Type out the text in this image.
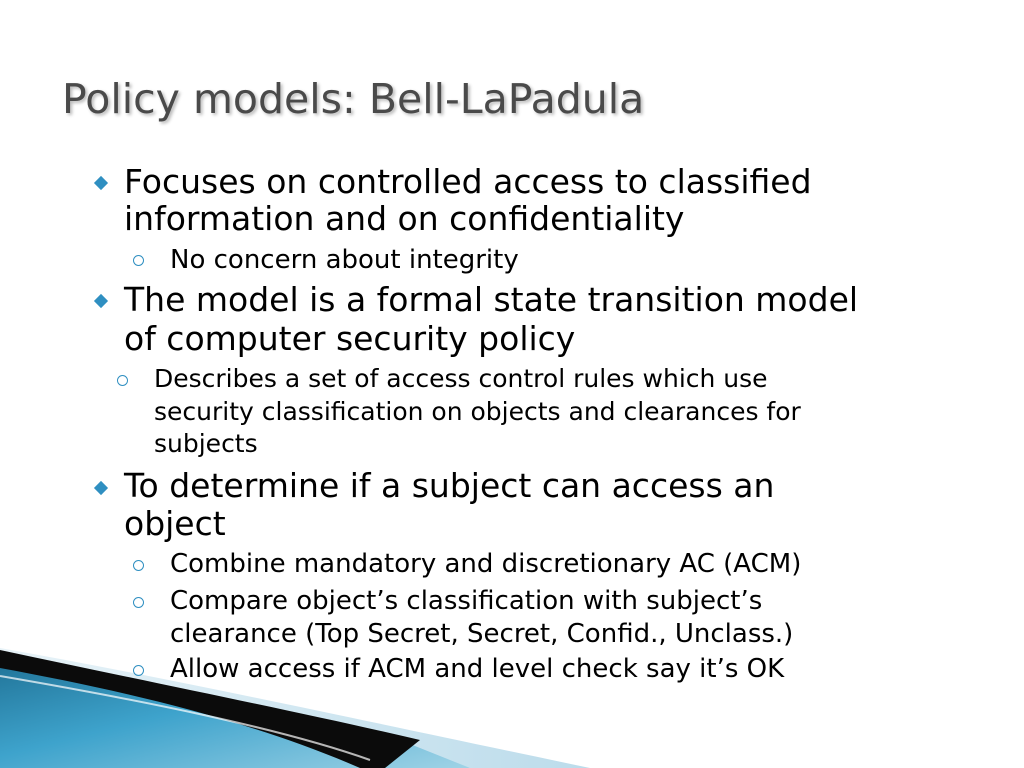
Policy models: Bell-LaPadula
Focuses on controlled access to classified
information and on confidentiality
No concern about integrity
The model is a formal state transition model
of computer security policy
Describes a set of access control rules which use
security classification on objects and clearances for
subjects
To determine if a subject can access an
object
Combine mandatory and discretionary AC (ACM)
Compare object’s classification with subject’s
clearance (Top Secret, Secret, Confid., Unclass.)
Allow access if ACM and level check say it’s OK
